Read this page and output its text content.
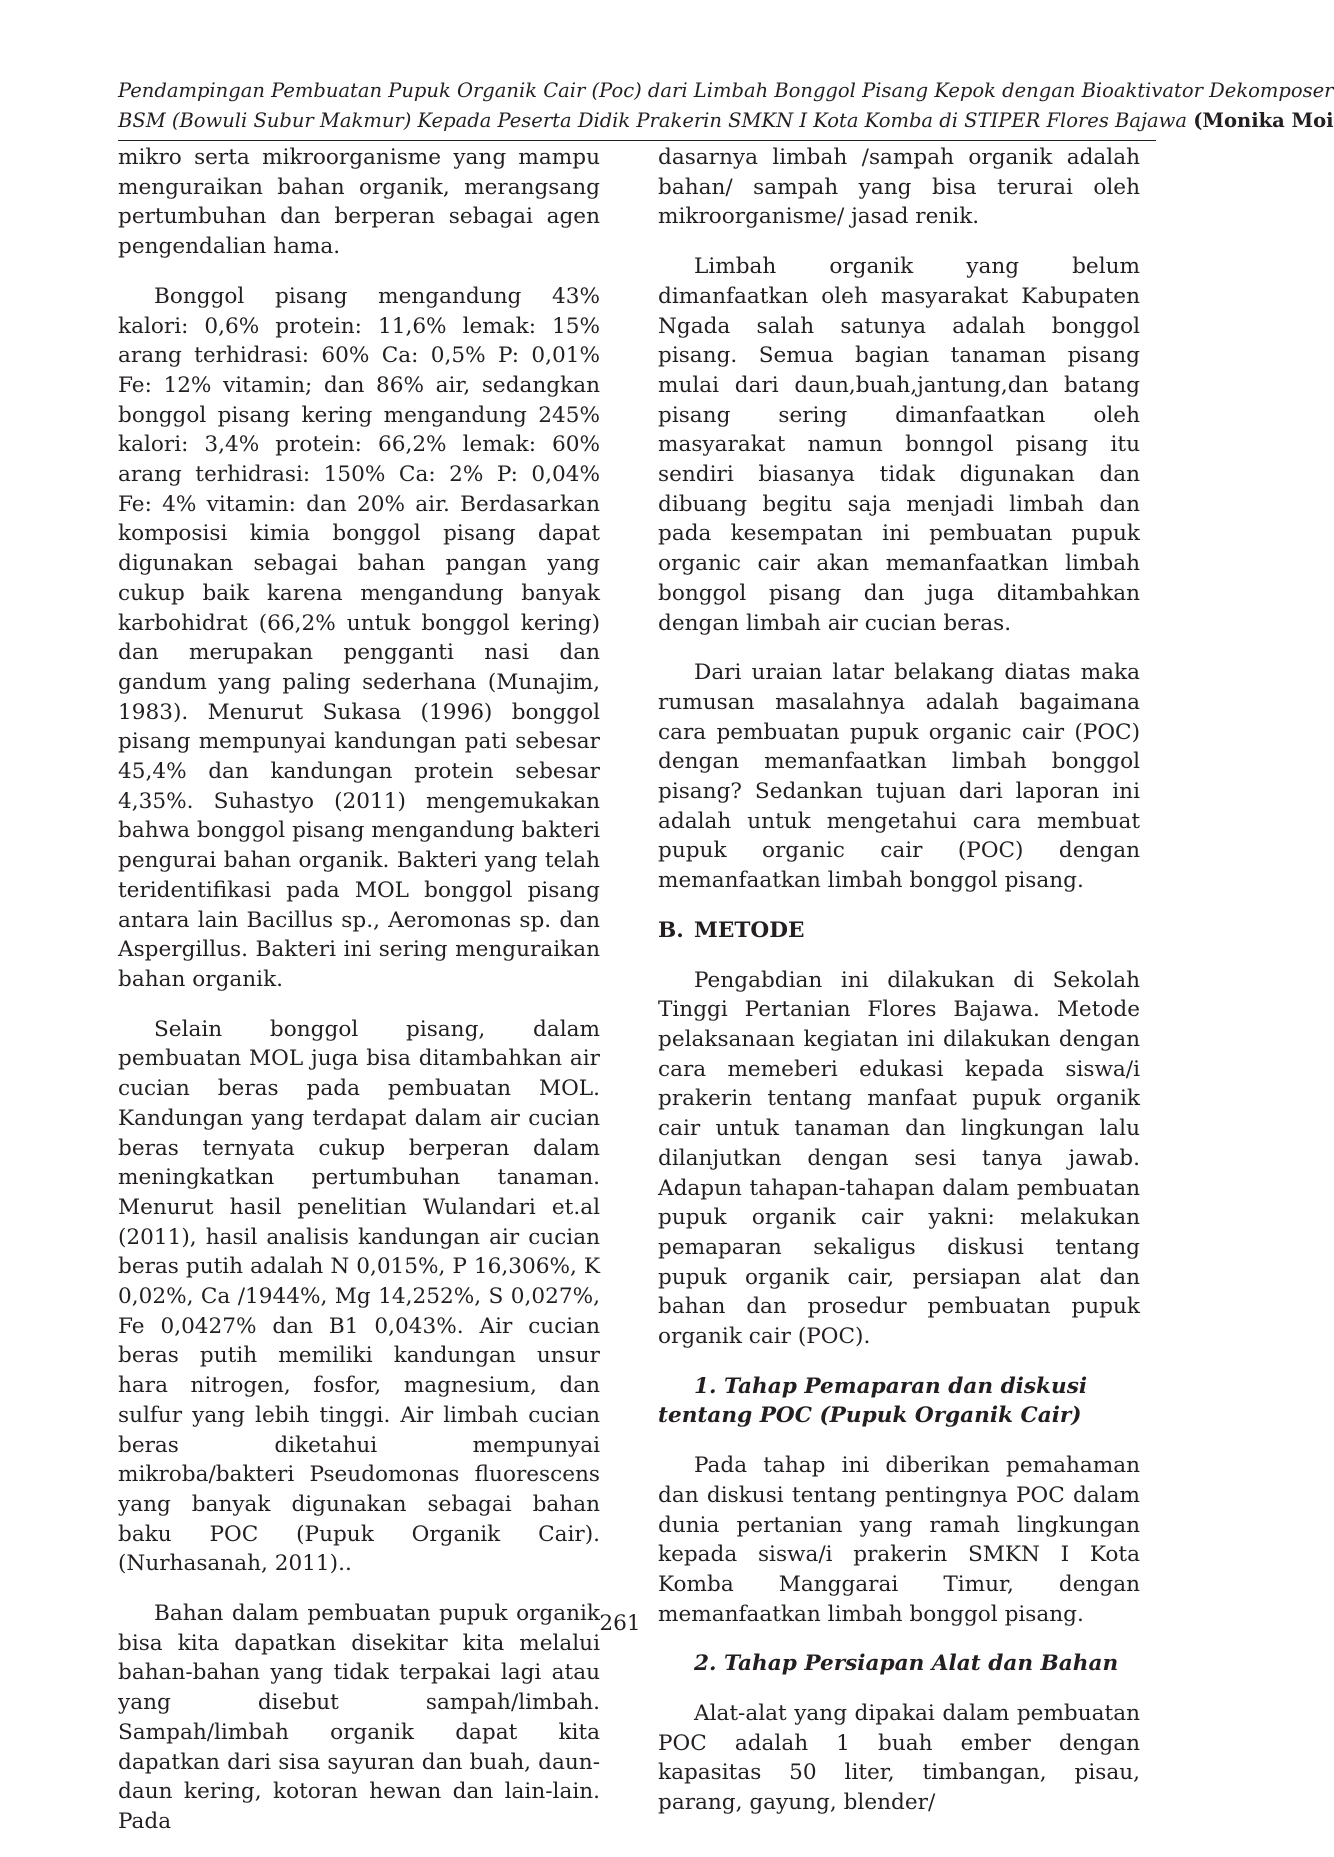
Pendampingan Pembuatan Pupuk Organik Cair (Poc) dari Limbah Bonggol Pisang Kepok dengan Bioaktivator Dekomposer
BSM (Bowuli Subur Makmur) Kepada Peserta Didik Prakerin SMKN I Kota Komba di STIPER Flores Bajawa (Monika Moi

mikro serta mikroorganisme yang mampu menguraikan bahan organik, merangsang pertumbuhan dan berperan sebagai agen pengendalian hama.

Bonggol pisang mengandung 43% kalori: 0,6% protein: 11,6% lemak: 15% arang terhidrasi: 60% Ca: 0,5% P: 0,01% Fe: 12% vitamin; dan 86% air, sedangkan bonggol pisang kering mengandung 245% kalori: 3,4% protein: 66,2% lemak: 60% arang terhidrasi: 150% Ca: 2% P: 0,04% Fe: 4% vitamin: dan 20% air. Berdasarkan komposisi kimia bonggol pisang dapat digunakan sebagai bahan pangan yang cukup baik karena mengandung banyak karbohidrat (66,2% untuk bonggol kering) dan merupakan pengganti nasi dan gandum yang paling sederhana (Munajim, 1983). Menurut Sukasa (1996) bonggol pisang mempunyai kandungan pati sebesar 45,4% dan kandungan protein sebesar 4,35%. Suhastyo (2011) mengemukakan bahwa bonggol pisang mengandung bakteri pengurai bahan organik. Bakteri yang telah teridentifikasi pada MOL bonggol pisang antara lain Bacillus sp., Aeromonas sp. dan Aspergillus. Bakteri ini sering menguraikan bahan organik.

Selain bonggol pisang, dalam pembuatan MOL juga bisa ditambahkan air cucian beras pada pembuatan MOL. Kandungan yang terdapat dalam air cucian beras ternyata cukup berperan dalam meningkatkan pertumbuhan tanaman. Menurut hasil penelitian Wulandari et.al (2011), hasil analisis kandungan air cucian beras putih adalah N 0,015%, P 16,306%, K 0,02%, Ca /1944%, Mg 14,252%, S 0,027%, Fe 0,0427% dan B1 0,043%. Air cucian beras putih memiliki kandungan unsur hara nitrogen, fosfor, magnesium, dan sulfur yang lebih tinggi. Air limbah cucian beras diketahui mempunyai mikroba/bakteri Pseudomonas fluorescens yang banyak digunakan sebagai bahan baku POC (Pupuk Organik Cair). (Nurhasanah, 2011)..

Bahan dalam pembuatan pupuk organik bisa kita dapatkan disekitar kita melalui bahan-bahan yang tidak terpakai lagi atau yang disebut sampah/limbah. Sampah/limbah organik dapat kita dapatkan dari sisa sayuran dan buah, daun-daun kering, kotoran hewan dan lain-lain. Pada

dasarnya limbah /sampah organik adalah bahan/ sampah yang bisa terurai oleh mikroorganisme/ jasad renik.

Limbah organik yang belum dimanfaatkan oleh masyarakat Kabupaten Ngada salah satunya adalah bonggol pisang. Semua bagian tanaman pisang mulai dari daun,buah,jantung,dan batang pisang sering dimanfaatkan oleh masyarakat namun bonngol pisang itu sendiri biasanya tidak digunakan dan dibuang begitu saja menjadi limbah dan pada kesempatan ini pembuatan pupuk organic cair akan memanfaatkan limbah bonggol pisang dan juga ditambahkan dengan limbah air cucian beras.

Dari uraian latar belakang diatas maka rumusan masalahnya adalah bagaimana cara pembuatan pupuk organic cair (POC) dengan memanfaatkan limbah bonggol pisang? Sedankan tujuan dari laporan ini adalah untuk mengetahui cara membuat pupuk organic cair (POC) dengan memanfaatkan limbah bonggol pisang.

B. METODE

Pengabdian ini dilakukan di Sekolah Tinggi Pertanian Flores Bajawa. Metode pelaksanaan kegiatan ini dilakukan dengan cara memeberi edukasi kepada siswa/i prakerin tentang manfaat pupuk organik cair untuk tanaman dan lingkungan lalu dilanjutkan dengan sesi tanya jawab. Adapun tahapan-tahapan dalam pembuatan pupuk organik cair yakni: melakukan pemaparan sekaligus diskusi tentang pupuk organik cair, persiapan alat dan bahan dan prosedur pembuatan pupuk organik cair (POC).

1. Tahap Pemaparan dan diskusi tentang POC (Pupuk Organik Cair)

Pada tahap ini diberikan pemahaman dan diskusi tentang pentingnya POC dalam dunia pertanian yang ramah lingkungan kepada siswa/i prakerin SMKN I Kota Komba Manggarai Timur, dengan memanfaatkan limbah bonggol pisang.

2. Tahap Persiapan Alat dan Bahan

Alat-alat yang dipakai dalam pembuatan POC adalah 1 buah ember dengan kapasitas 50 liter, timbangan, pisau, parang, gayung, blender/

261
